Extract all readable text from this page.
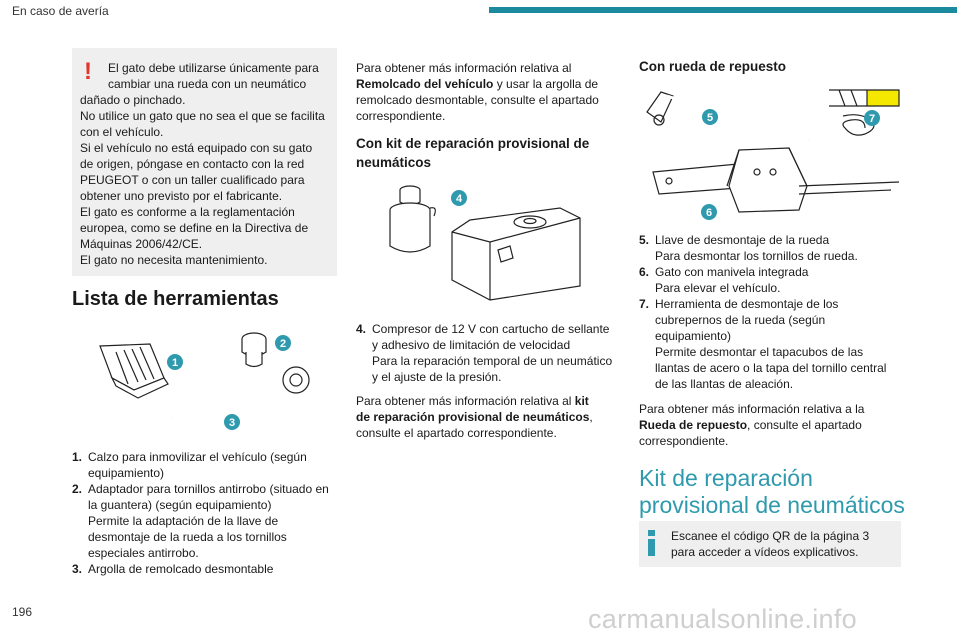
En caso de avería
!	El gato debe utilizarse únicamente para

cambiar una rueda con un neumático

dañado o pinchado.

No utilice un gato que no sea el que se facilita

con el vehículo.

Si el vehículo no está equipado con su gato

de origen, póngase en contacto con la red

PEUGEOT o con un taller cualificado para

obtener uno previsto por el fabricante.

El gato es conforme a la reglamentación

europea, como se define en la Directiva de

Máquinas 2006/42/CE.

El gato no necesita mantenimiento.

Lista de herramientas
1
2
3
1. Calzo para inmovilizar el vehículo (según
equipamiento)
2. Adaptador para tornillos antirrobo (situado en
la guantera) (según equipamiento)
Permite la adaptación de la llave de
desmontaje de la rueda a los tornillos
especiales antirrobo.
3. Argolla de remolcado desmontable

Para obtener más información relativa al

Remolcado del vehículo y usar la argolla de

remolcado desmontable, consulte el apartado

correspondiente.

Con kit de reparación provisional de
neumáticos
4
4. Compresor de 12 V con cartucho de sellante
y adhesivo de limitación de velocidad
Para la reparación temporal de un neumático
y el ajuste de la presión.

Para obtener más información relativa al kit

de reparación provisional de neumáticos,

consulte el apartado correspondiente.

Con rueda de repuesto
5
6
7
5. Llave de desmontaje de la rueda
Para desmontar los tornillos de rueda.
6. Gato con manivela integrada
Para elevar el vehículo.
7. Herramienta de desmontaje de los
cubrepernos de la rueda (según
equipamiento)
Permite desmontar el tapacubos de las
llantas de acero o la tapa del tornillo central
de las llantas de aleación.

Para obtener más información relativa a la

Rueda de repuesto, consulte el apartado

correspondiente.

Kit de reparación

provisional de neumáticos

Escanee el código QR de la página 3

para acceder a vídeos explicativos.

196	carmanualsonline.info
